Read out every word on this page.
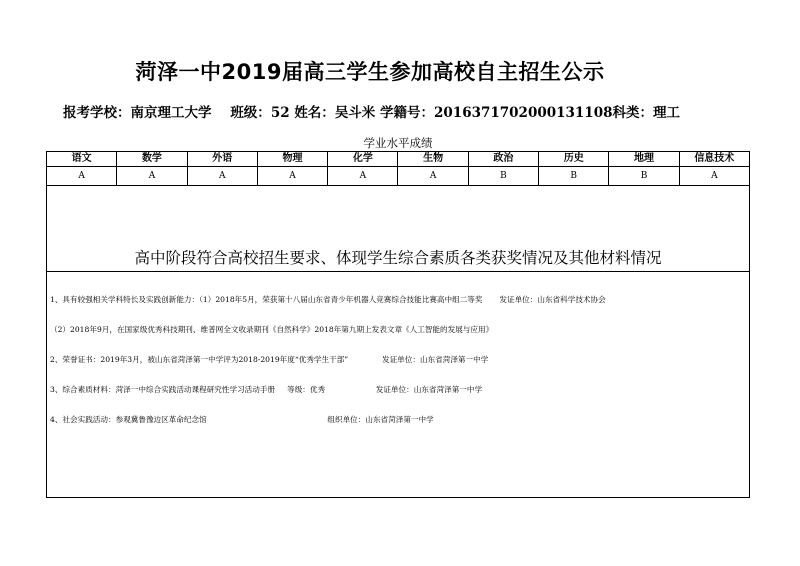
菏泽一中2019届高三学生参加高校自主招生公示
报考学校：南京理工大学 班级：52 姓名：吴斗米 学籍号：2016371702000131108科类：理工
学业水平成绩
语文	数学	外语	物理	化学	生物	政治	历史	地理	信息技术
A	A	A	A	A	A	B	B	B	A
高中阶段符合高校招生要求、体现学生综合素质各类获奖情况及其他材料情况

1、具有较强相关学科特长及实践创新能力：（1）2018年5月，荣获第十八届山东省青少年机器人竞赛综合技能比赛高中组二等奖       发证单位：山东省科学技术协会

（2）2018年9月，在国家级优秀科技期刊、维普网全文收录期刊《自然科学》2018年第九期上发表文章《人工智能的发展与应用》

2、荣誉证书：2019年3月，被山东省菏泽第一中学评为2018-2019年度“优秀学生干部”              发证单位：山东省菏泽第一中学

3、综合素质材料：菏泽一中综合实践活动课程研究性学习活动手册     等级：优秀                     发证单位：山东省菏泽第一中学

4、社会实践活动：参观冀鲁豫边区革命纪念馆                                                  组织单位：山东省菏泽第一中学
